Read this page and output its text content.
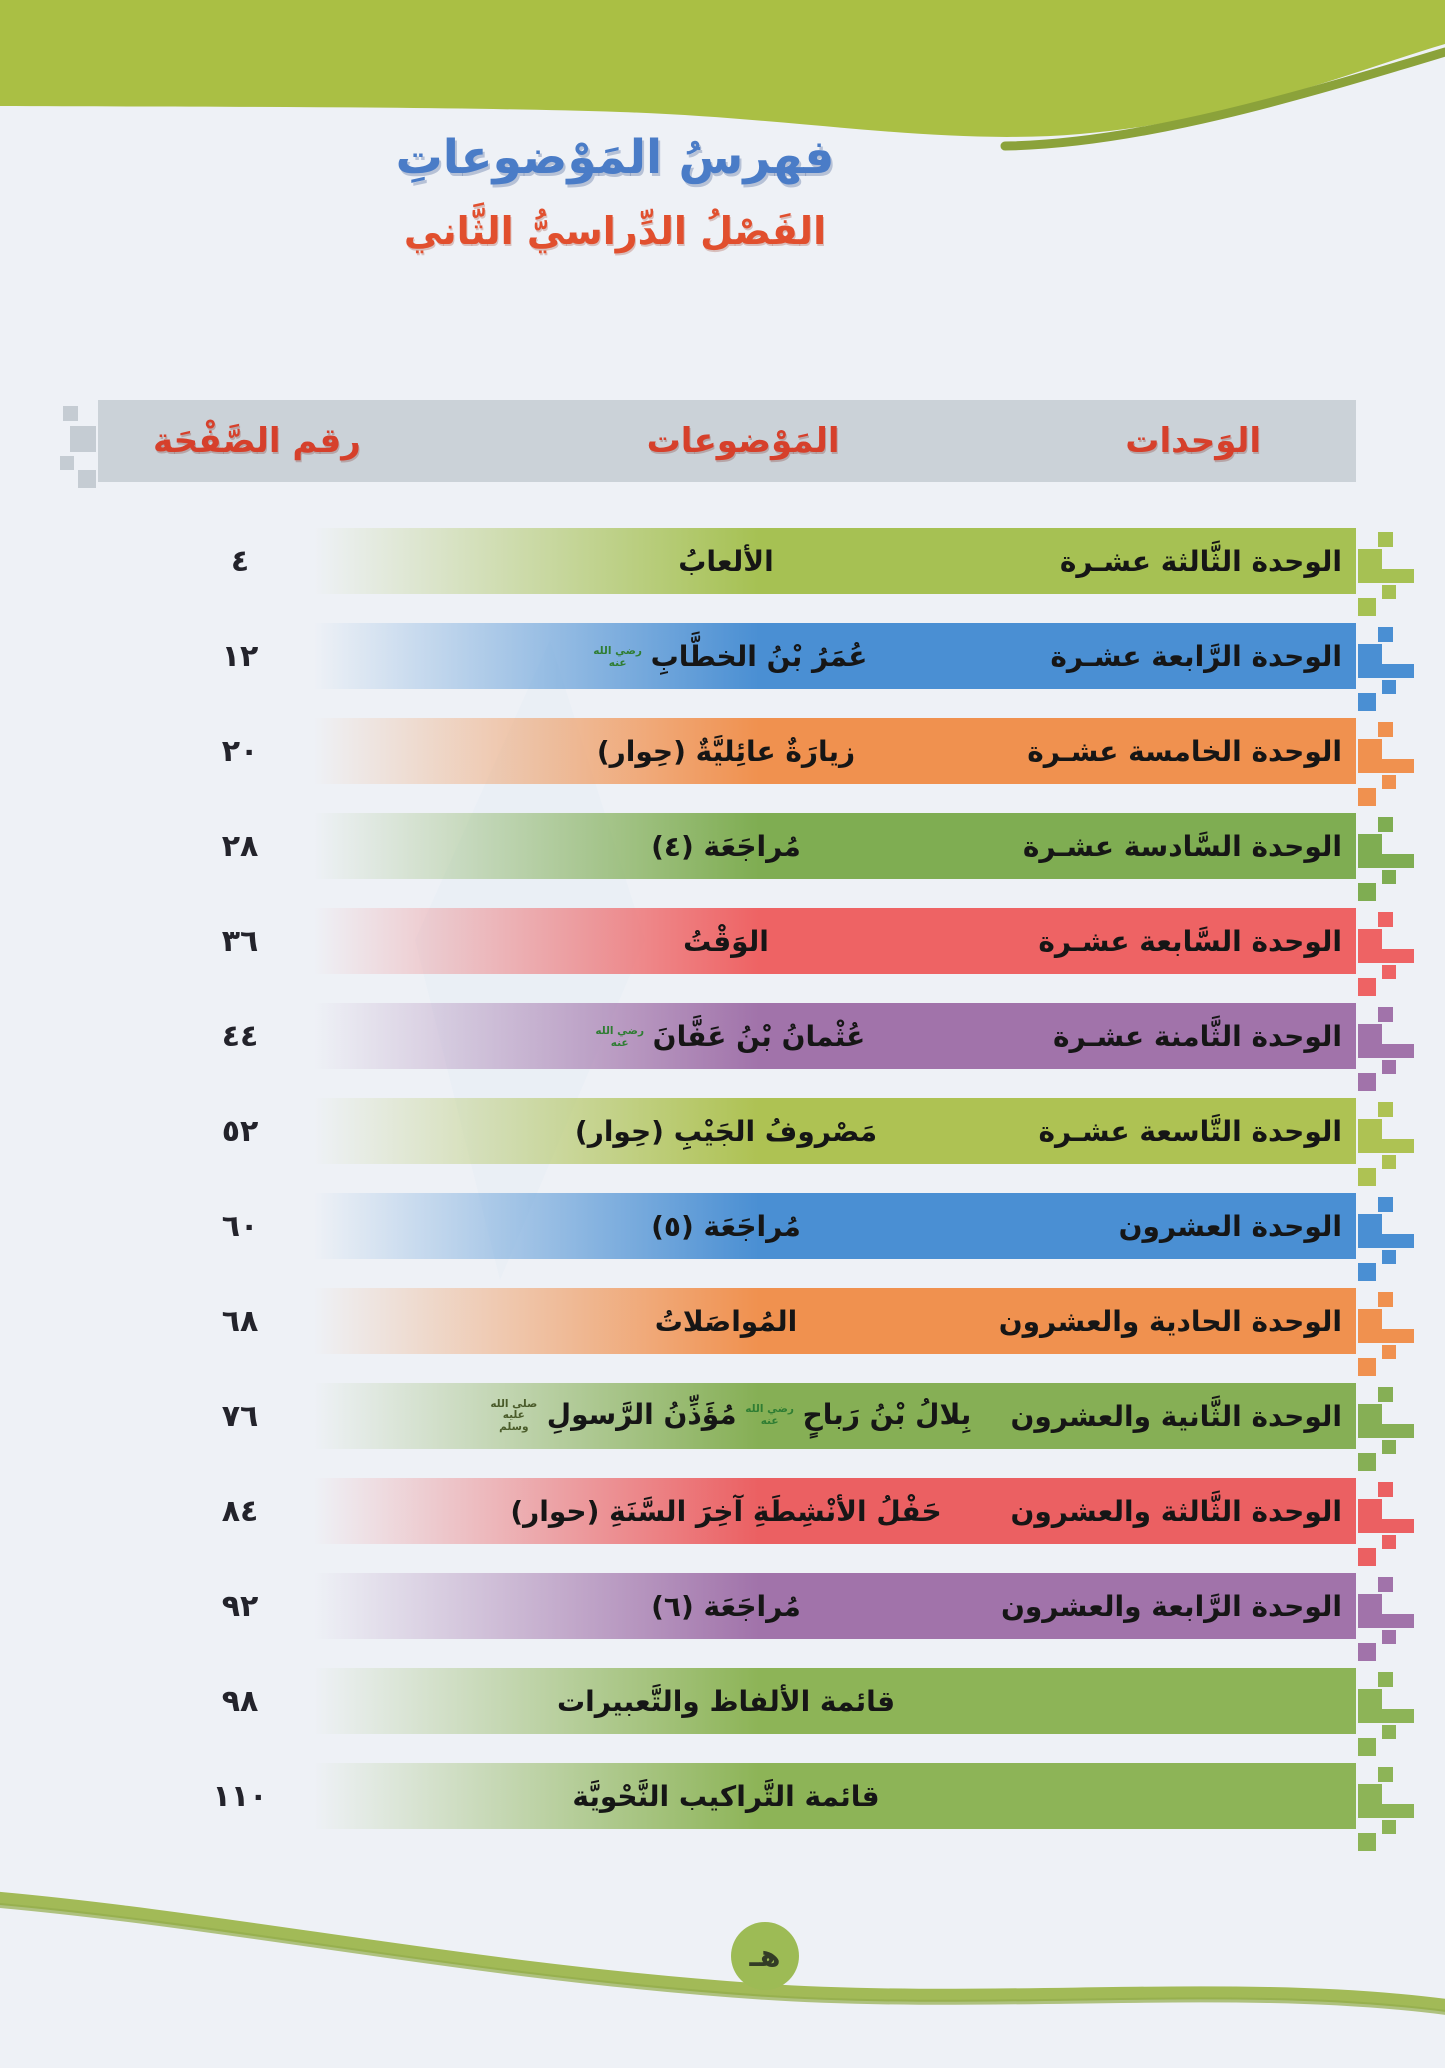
فهرسُ المَوْضوعاتِ
الفَصْلُ الدِّراسيُّ الثَّاني
الوَحدات
المَوْضوعات
رقم الصَّفْحَة
الوحدة الثَّالثة عشـرة
الألعابُ
٤
الوحدة الرَّابعة عشـرة
عُمَرُ بْنُ الخطَّابِرضي الله عنه
١٢
الوحدة الخامسة عشـرة
زيارَةٌ عائِليَّةٌ (حِوار)
٢٠
الوحدة السَّادسة عشـرة
مُراجَعَة (٤)
٢٨
الوحدة السَّابعة عشـرة
الوَقْتُ
٣٦
الوحدة الثَّامنة عشـرة
عُثْمانُ بْنُ عَفَّانَرضي الله عنه
٤٤
الوحدة التَّاسعة عشـرة
مَصْروفُ الجَيْبِ (حِوار)
٥٢
الوحدة العشرون
مُراجَعَة (٥)
٦٠
الوحدة الحادية والعشرون
المُواصَلاتُ
٦٨
الوحدة الثَّانية والعشرون
بِلالُ بْنُ رَباحٍرضي الله عنهمُؤَذِّنُ الرَّسولِصلى الله عليه وسلم
٧٦
الوحدة الثَّالثة والعشرون
حَفْلُ الأنْشِطَةِ آخِرَ السَّنَةِ (حوار)
٨٤
الوحدة الرَّابعة والعشرون
مُراجَعَة (٦)
٩٢
قائمة الألفاظ والتَّعبيرات
٩٨
قائمة التَّراكيب النَّحْويَّة
١١٠
هـ
